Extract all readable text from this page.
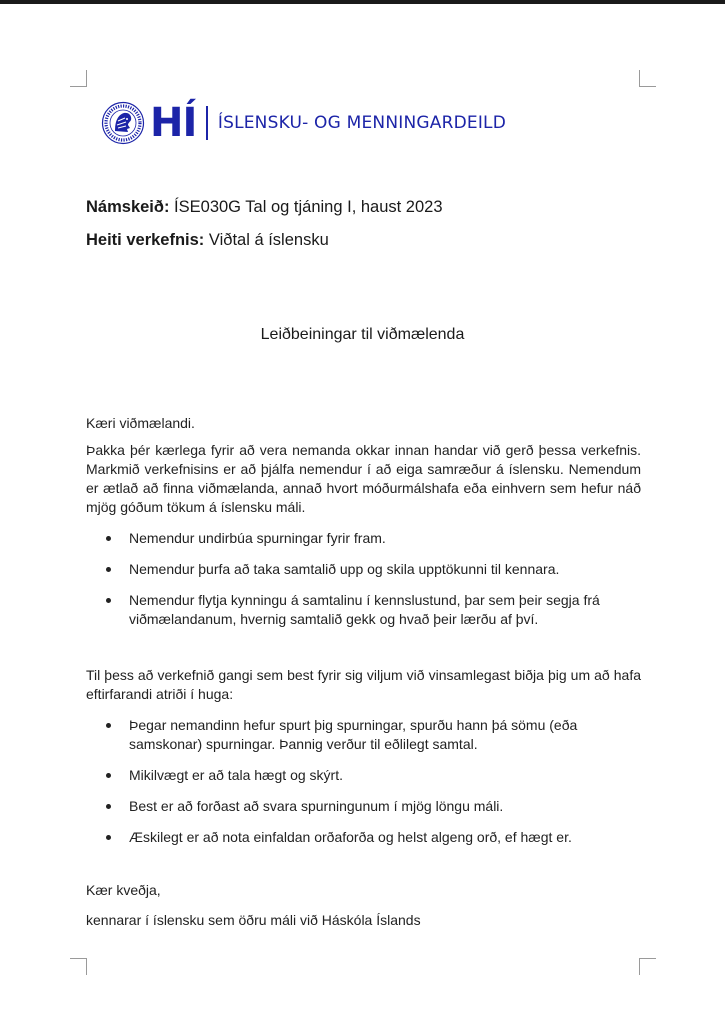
HÍ ÍSLENSKU- OG MENNINGARDEILD
Námskeið: ÍSE030G Tal og tjáning I, haust 2023
Heiti verkefnis: Viðtal á íslensku
Leiðbeiningar til viðmælenda

Kæri viðmælandi.

Þakka þér kærlega fyrir að vera nemanda okkar innan handar við gerð þessa verkefnis. Markmið verkefnisins er að þjálfa nemendur í að eiga samræður á íslensku. Nemendum er ætlað að finna viðmælanda, annað hvort móðurmálshafa eða einhvern sem hefur náð mjög góðum tökum á íslensku máli.

Nemendur undirbúa spurningar fyrir fram.
Nemendur þurfa að taka samtalið upp og skila upptökunni til kennara.
Nemendur flytja kynningu á samtalinu í kennslustund, þar sem þeir segja frá viðmælandanum, hvernig samtalið gekk og hvað þeir lærðu af því.

Til þess að verkefnið gangi sem best fyrir sig viljum við vinsamlegast biðja þig um að hafa eftirfarandi atriði í huga:

Þegar nemandinn hefur spurt þig spurningar, spurðu hann þá sömu (eða samskonar) spurningar. Þannig verður til eðlilegt samtal.
Mikilvægt er að tala hægt og skýrt.
Best er að forðast að svara spurningunum í mjög löngu máli.
Æskilegt er að nota einfaldan orðaforða og helst algeng orð, ef hægt er.

Kær kveðja,

kennarar í íslensku sem öðru máli við Háskóla Íslands
